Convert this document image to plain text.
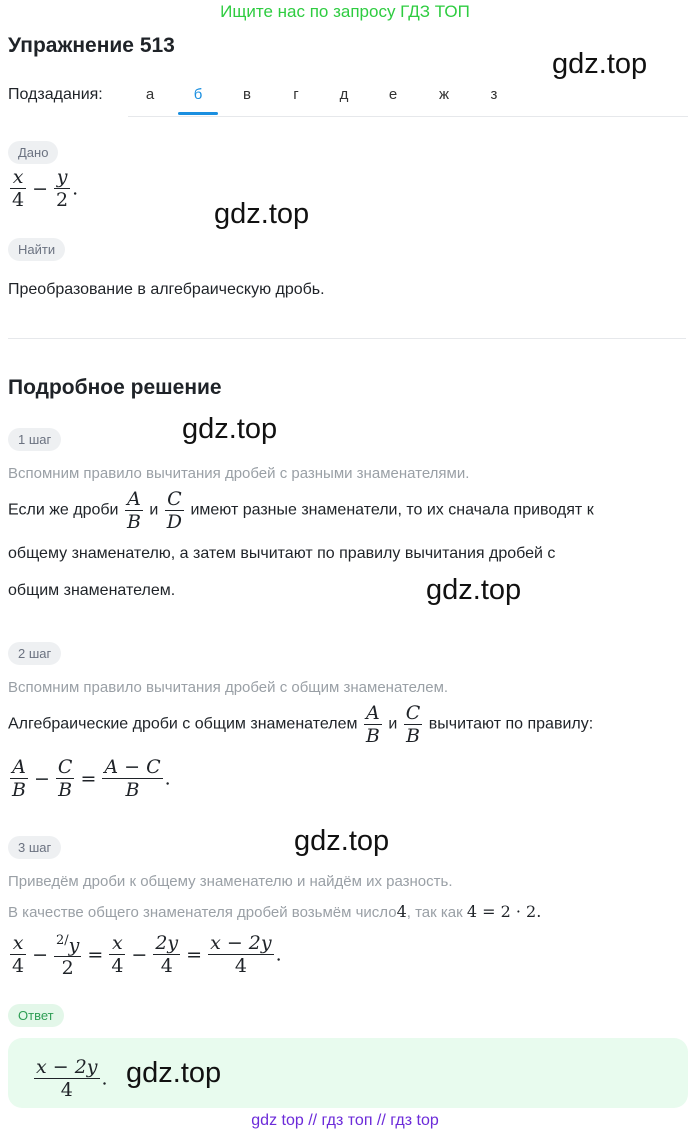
Ищите нас по запросу ГДЗ ТОП
Упражнение 513
gdz.top
Подзадания:	а	б	в	г	д	е	ж	з
Дано
$\frac{x}{4} - \frac{y}{2}$ .
gdz.top
Найти
Преобразование в алгебраическую дробь.
Подробное решение
1 шаг	gdz.top
Вспомним правило вычитания дробей с разными знаменателями.
Если же дроби $\frac{A}{B}$ и $\frac{C}{D}$ имеют разные знаменатели, то их сначала приводят к
общему знаменателю, а затем вычитают по правилу вычитания дробей с
общим знаменателем.	gdz.top
2 шаг
Вспомним правило вычитания дробей с общим знаменателем.
Алгебраические дроби с общим знаменателем $\frac{A}{B}$ и $\frac{C}{B}$ вычитают по правилу:
$\frac{A}{B} - \frac{C}{B} = \frac{A - C}{B}$ .
3 шаг	gdz.top
Приведём дроби к общему знаменателю и найдём их разность.
В качестве общего знаменателя дробей возьмём число4, так как 4 = 2 · 2.
$\frac{x}{4} - \frac{^{2/}y}{2} = \frac{x}{4} - \frac{2y}{4} = \frac{x - 2y}{4}$ .
Ответ
$\frac{x - 2y}{4}$ . gdz.top
gdz top // гдз топ // гдз top
